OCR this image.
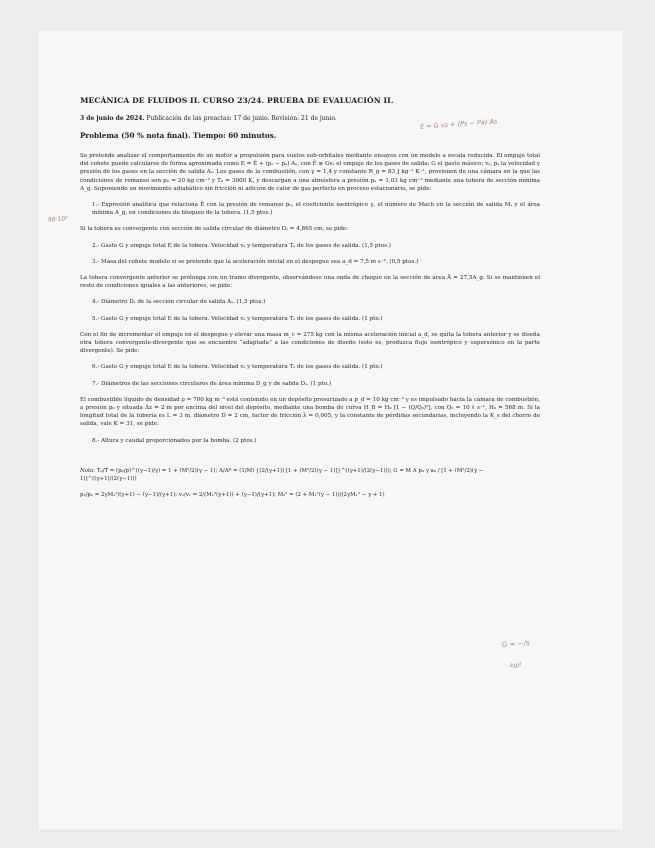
E = G vs + (Ps − Pa) As
98·10³
G = ~/s
kg/l
MECÁNICA DE FLUIDOS II. CURSO 23/24. PRUEBA DE EVALUACIÓN II.
3 de junio de 2024. Publicación de las preactas: 17 de junio. Revisión: 21 de junio.
Problema (50 % nota final). Tiempo: 60 minutos.

Se pretende analizar el comportamiento de un motor a propulsión para vuelos sub-orbitales mediante ensayos con un modelo a escala reducida. El empuje total del cohete puede calcularse de forma aproximada como E = Ê + (pₛ − pₐ) Aₛ, con Ê ≡ Gvₛ el empuje de los gases de salida; G el gasto másico; vₛ, pₛ la velocidad y presión de los gases en la sección de salida Aₛ. Los gases de la combustión, con γ = 1,4 y constante R_g = 83 J kg⁻¹ K⁻¹, provienen de una cámara en la que las condiciones de remanso son p₀ = 20 kg cm⁻² y T₀ = 3000 K, y descargan a una atmósfera a presión pₐ = 1,03 kg cm⁻² mediante una tobera de sección mínima A_g. Suponiendo un movimiento adiabático sin fricción ni adición de calor de gas perfecto en proceso estacionario, se pide:

1.- Expresión analítica que relaciona Ê con la presión de remanso p₀, el coeficiente isentrópico γ, el número de Mach en la sección de salida Mₛ y el área mínima A_g, en condiciones de bloqueo de la tobera. (1,5 ptos.)

Si la tobera es convergente con sección de salida circular de diámetro Dₛ = 4,865 cm, se pide:

2.- Gasto G y empuje total E de la tobera. Velocidad vₛ y temperatura Tₛ de los gases de salida. (1,5 ptos.)
3.- Masa del cohete modelo si se pretende que la aceleración inicial en el despegue sea a_d = 7,5 m s⁻². (0,5 ptos.)

La tobera convergente anterior se prolonga con un tramo divergente, observándose una onda de choque en la sección de área Ā = 27,5A_g. Si se mantienen el resto de condiciones iguales a las anteriores, se pide:

4.- Diámetro Dₛ de la sección circular de salida Aₛ. (1,5 ptos.)
5.- Gasto G y empuje total E de la tobera. Velocidad vₛ y temperatura Tₛ de los gases de salida. (1 pto.)

Con el fin de incrementar el empuje en el despegue y elevar una masa m_c = 275 kg con la misma aceleración inicial a_d, se quita la tobera anterior y se diseña otra tobera convergente-divergente que se encuentre “adaptada” a las condiciones de diseño (esto es, produzca flujo isentrópico y supersónico en la parte divergente). Se pide:

6.- Gasto G y empuje total E de la tobera. Velocidad vₛ y temperatura Tₛ de los gases de salida. (1 pto.)
7.- Diámetros de las secciones circulares de área mínima D_g y de salida Dₛ. (1 pto.)

El combustible líquido de densidad ρ = 700 kg m⁻³ está contenido en un depósito presurizado a p_d = 10 kg cm⁻² y es impulsado hacia la cámara de combustión, a presión p₀ y situada Δz = 2 m por encima del nivel del depósito, mediante una bomba de curva H_B = H₀ [1 − (Q/Q₀)²], con Q₀ = 10 ℓ s⁻¹, H₀ = 568 m. Si la longitud total de la tubería es L = 3 m, diámetro D = 2 cm, factor de fricción λ = 0,005, y la constante de pérdidas secundarias, incluyendo la K_s del chorro de salida, vale K = 31, se pide:

8.- Altura y caudal proporcionados por la bomba. (2 ptos.)
Nota: T₀/T = (p₀/p)^((γ−1)/γ) = 1 + (M²/2)(γ − 1); A/A* = (1/M) {(2/(γ+1)) [1 + (M²/2)(γ − 1)]}^((γ+1)/(2(γ−1))); G = M A p₀ γ a₀ / [1 + (M²/2)(γ − 1)]^((γ+1)/(2(γ−1)))
p₂/p₁ = 2γM₁²/(γ+1) − (γ−1)/(γ+1); v₂/v₁ = 2/(M₁²(γ+1)) + (γ−1)/(γ+1); M₂² = (2 + M₁²(γ − 1))/(2γM₁² − γ + 1)
